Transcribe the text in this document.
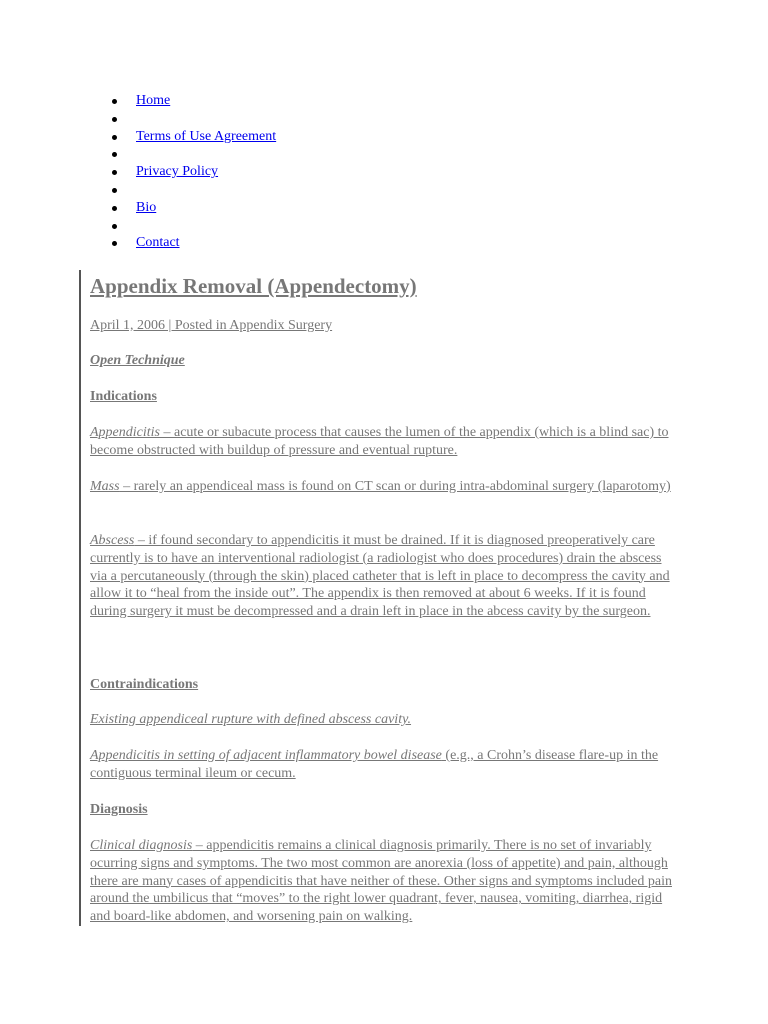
Home
Terms of Use Agreement
Privacy Policy
Bio
Contact
Appendix Removal (Appendectomy)

April 1, 2006 | Posted in Appendix Surgery

Open Technique

Indications

Appendicitis – acute or subacute process that causes the lumen of the appendix (which is a blind sac) to become obstructed with buildup of pressure and eventual rupture.

Mass – rarely an appendiceal mass is found on CT scan or during intra-abdominal surgery (laparotomy)

Abscess – if found secondary to appendicitis it must be drained. If it is diagnosed preoperatively care currently is to have an interventional radiologist (a radiologist who does procedures) drain the abscess via a percutaneously (through the skin) placed catheter that is left in place to decompress the cavity and allow it to “heal from the inside out”. The appendix is then removed at about 6 weeks. If it is found during surgery it must be decompressed and a drain left in place in the abcess cavity by the surgeon.

Contraindications

Existing appendiceal rupture with defined abscess cavity.

Appendicitis in setting of adjacent inflammatory bowel disease (e.g., a Crohn’s disease flare-up in the contiguous terminal ileum or cecum.

Diagnosis

Clinical diagnosis – appendicitis remains a clinical diagnosis primarily. There is no set of invariably ocurring signs and symptoms. The two most common are anorexia (loss of appetite) and pain, although there are many cases of appendicitis that have neither of these. Other signs and symptoms included pain around the umbilicus that “moves” to the right lower quadrant, fever, nausea, vomiting, diarrhea, rigid and board-like abdomen, and worsening pain on walking.
